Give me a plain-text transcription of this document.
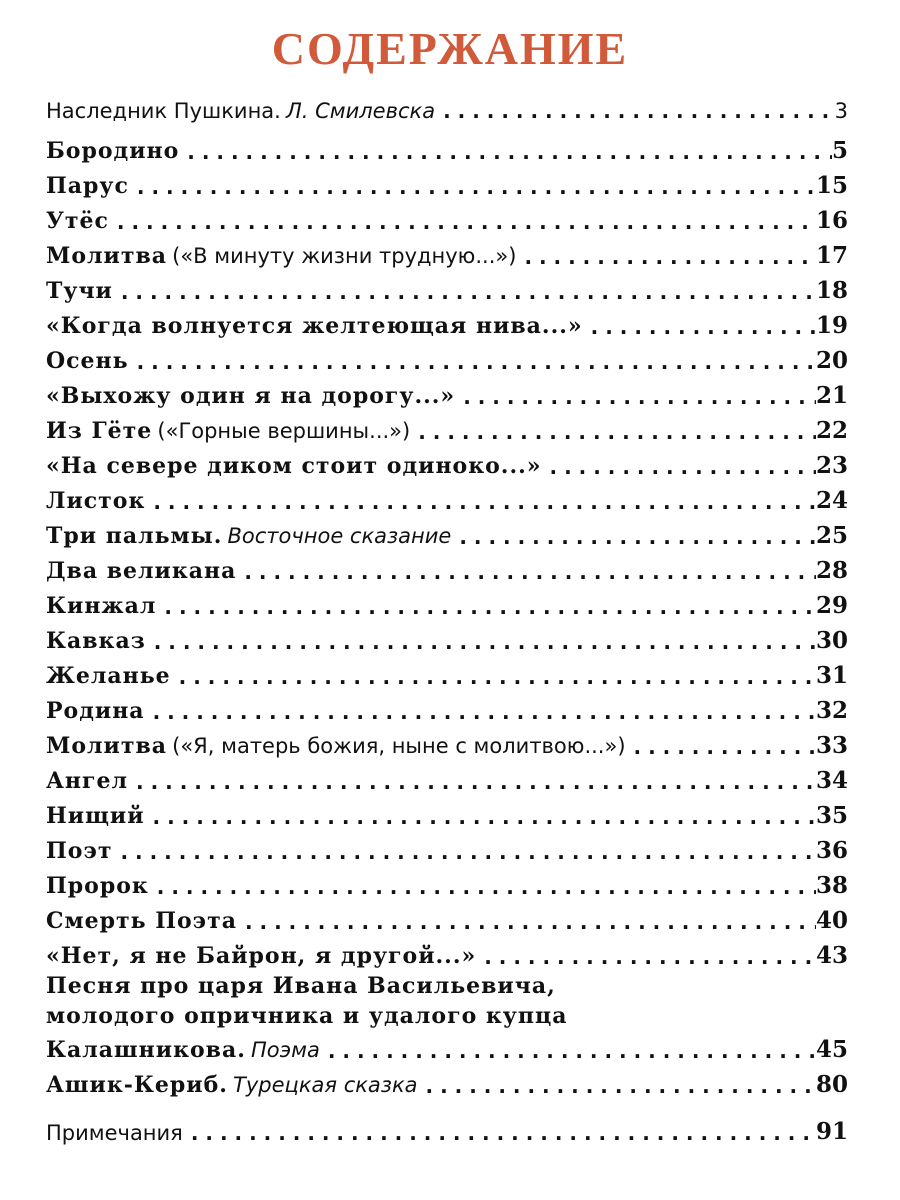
СОДЕРЖАНИЕ
Наследник Пушкина. Л. Смилевска . . .	3
Бородино . . .	5
Парус . . .	15
Утёс . . .	16
Молитва («В минуту жизни трудную...») . . .	17
Тучи . . .	18
«Когда волнуется желтеющая нива...» . . .	19
Осень . . .	20
«Выхожу один я на дорогу...» . . .	21
Из Гёте («Горные вершины...») . . .	22
«На севере диком стоит одиноко...» . . .	23
Листок . . .	24
Три пальмы. Восточное сказание . . .	25
Два великана . . .	28
Кинжал . . .	29
Кавказ . . .	30
Желанье . . .	31
Родина . . .	32
Молитва («Я, матерь божия, ныне с молитвою...») . . .	33
Ангел . . .	34
Нищий . . .	35
Поэт . . .	36
Пророк . . .	38
Смерть Поэта . . .	40
«Нет, я не Байрон, я другой...» . . .	43
Песня про царя Ивана Васильевича,
молодого опричника и удалого купца
Калашникова. Поэма . . .	45
Ашик-Кериб. Турецкая сказка . . .	80
Примечания . . .	91
